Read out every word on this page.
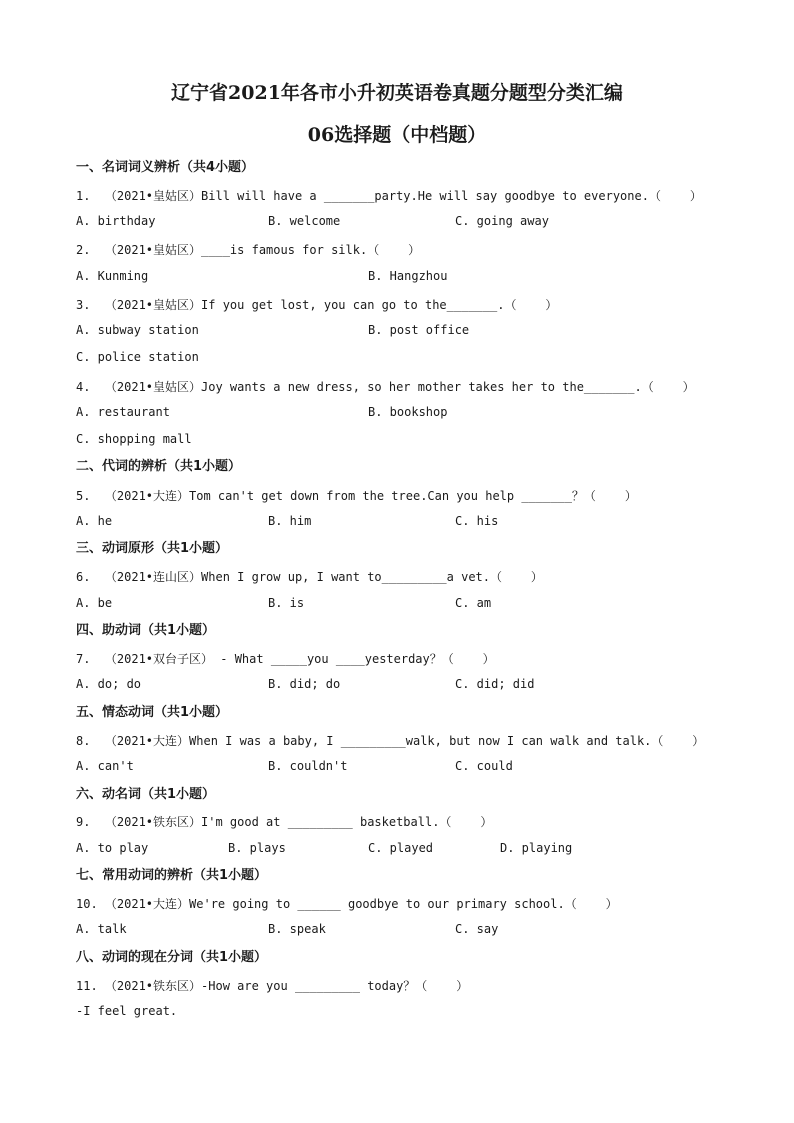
辽宁省2021年各市小升初英语卷真题分题型分类汇编
06选择题（中档题）
一、名词词义辨析（共4小题）
1.  （2021•皇姑区）Bill will have a _______party.He will say goodbye to everyone.（    ）
A. birthday	B. welcome	C. going away
2.  （2021•皇姑区）____is famous for silk.（    ）
A. Kunming	B. Hangzhou
3.  （2021•皇姑区）If you get lost, you can go to the_______.（    ）
A. subway station	B. post office
C. police station
4.  （2021•皇姑区）Joy wants a new dress, so her mother takes her to the_______.（    ）
A. restaurant	B. bookshop
C. shopping mall
二、代词的辨析（共1小题）
5.  （2021•大连）Tom can't get down from the tree.Can you help _______？（    ）
A. he	B. him	C. his
三、动词原形（共1小题）
6.  （2021•连山区）When I grow up, I want to_________a vet.（    ）
A. be	B. is	C. am
四、助动词（共1小题）
7.  （2021•双台子区） - What _____you ____yesterday？（    ）
A. do; do	B. did; do	C. did; did
五、情态动词（共1小题）
8.  （2021•大连）When I was a baby, I _________walk, but now I can walk and talk.（    ）
A. can't	B. couldn't	C. could
六、动名词（共1小题）
9.  （2021•铁东区）I'm good at _________ basketball.（    ）
A. to play	B. plays	C. played	D. playing
七、常用动词的辨析（共1小题）
10. （2021•大连）We're going to ______ goodbye to our primary school.（    ）
A. talk	B. speak	C. say
八、动词的现在分词（共1小题）
11. （2021•铁东区）-How are you _________ today？（    ）
-I feel great.
